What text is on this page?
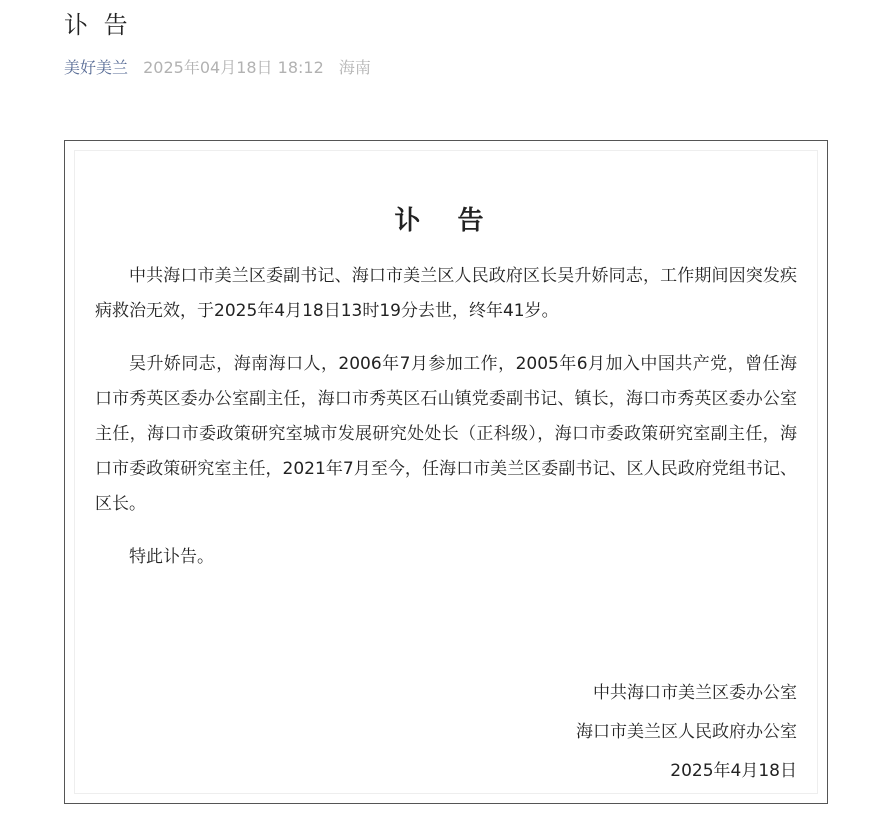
讣 告
美好美兰 2025年04月18日 18:12 海南
讣 告

中共海口市美兰区委副书记、海口市美兰区人民政府区长吴升娇同志，工作期间因突发疾病救治无效，于2025年4月18日13时19分去世，终年41岁。

吴升娇同志，海南海口人，2006年7月参加工作，2005年6月加入中国共产党，曾任海口市秀英区委办公室副主任，海口市秀英区石山镇党委副书记、镇长，海口市秀英区委办公室主任，海口市委政策研究室城市发展研究处处长（正科级），海口市委政策研究室副主任，海口市委政策研究室主任，2021年7月至今，任海口市美兰区委副书记、区人民政府党组书记、区长。

特此讣告。

中共海口市美兰区委办公室
海口市美兰区人民政府办公室
2025年4月18日
